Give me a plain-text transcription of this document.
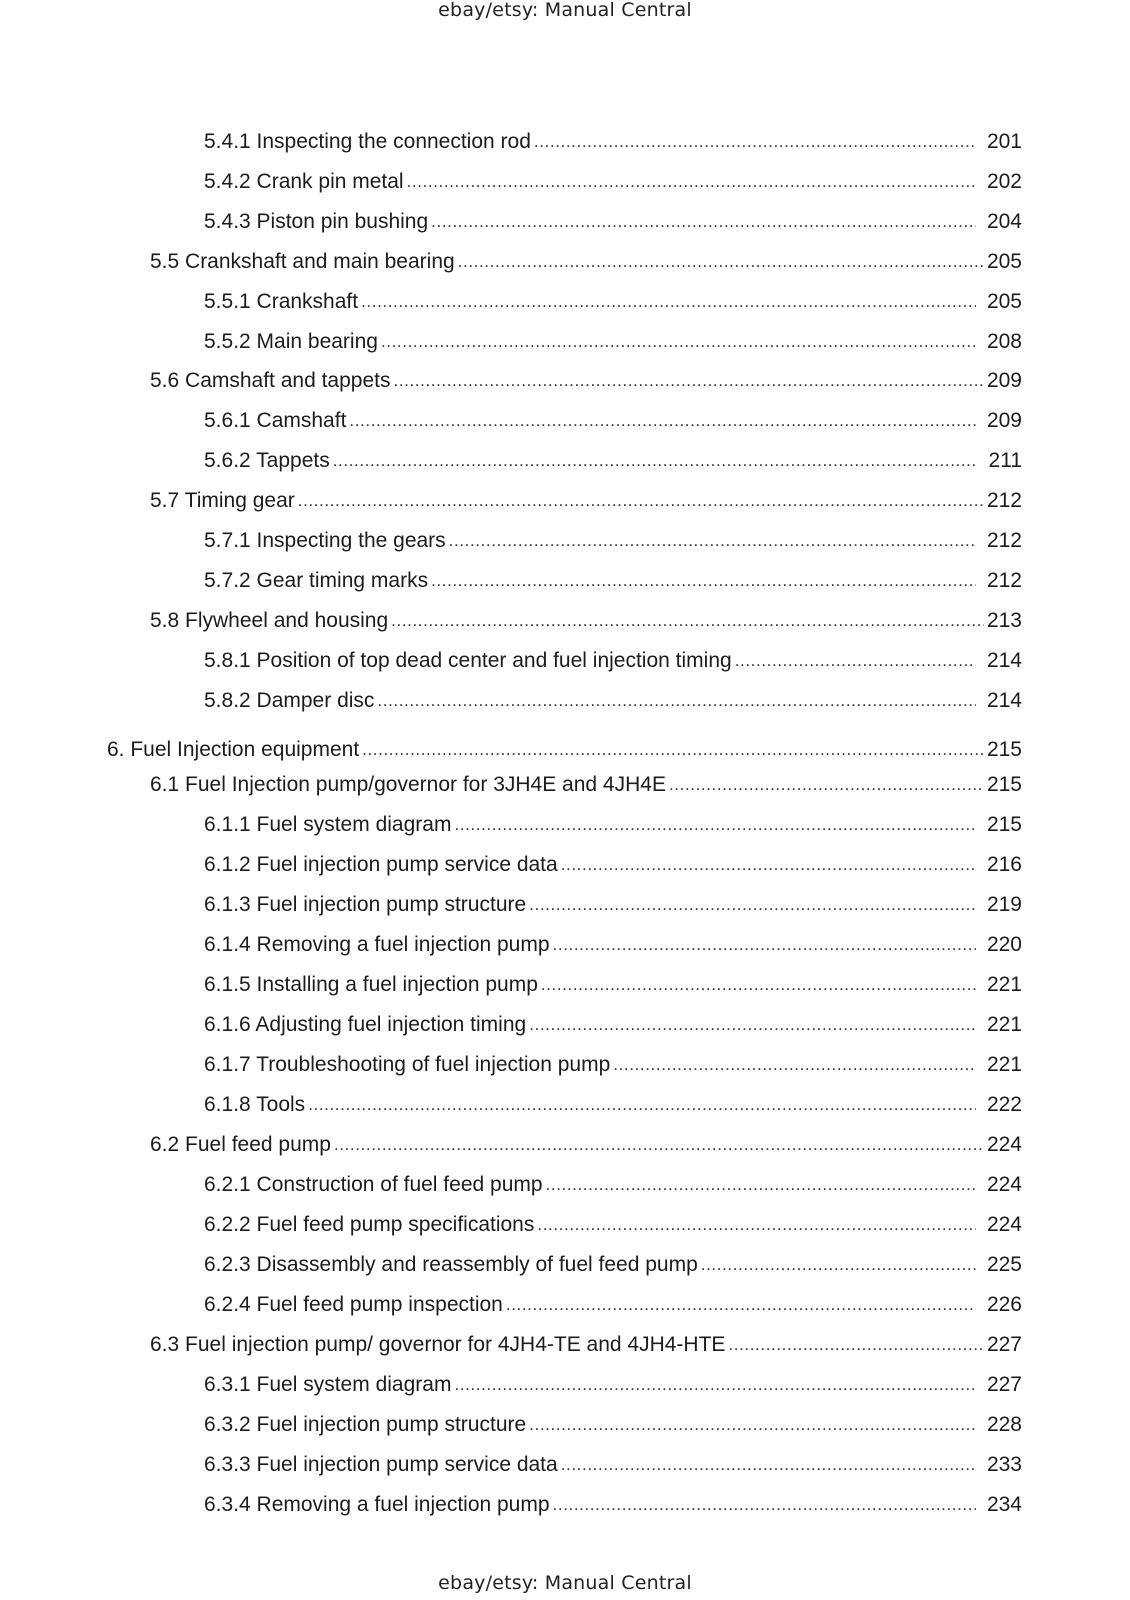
ebay/etsy: Manual Central
5.4.1 Inspecting the connection rod .....	201
5.4.2 Crank pin metal .....	202
5.4.3 Piston pin bushing .....	204
5.5 Crankshaft and main bearing .....	205
5.5.1 Crankshaft .....	205
5.5.2 Main bearing .....	208
5.6 Camshaft and tappets .....	209
5.6.1 Camshaft .....	209
5.6.2 Tappets .....	211
5.7 Timing gear .....	212
5.7.1 Inspecting the gears .....	212
5.7.2 Gear timing marks .....	212
5.8 Flywheel and housing .....	213
5.8.1 Position of top dead center and fuel injection timing .....	214
5.8.2 Damper disc .....	214
6. Fuel Injection equipment .....	215
6.1 Fuel Injection pump/governor for 3JH4E and 4JH4E .....	215
6.1.1 Fuel system diagram .....	215
6.1.2 Fuel injection pump service data .....	216
6.1.3 Fuel injection pump structure .....	219
6.1.4 Removing a fuel injection pump .....	220
6.1.5 Installing a fuel injection pump .....	221
6.1.6 Adjusting fuel injection timing .....	221
6.1.7 Troubleshooting of fuel injection pump .....	221
6.1.8 Tools .....	222
6.2 Fuel feed pump .....	224
6.2.1 Construction of fuel feed pump .....	224
6.2.2 Fuel feed pump specifications .....	224
6.2.3 Disassembly and reassembly of fuel feed pump .....	225
6.2.4 Fuel feed pump inspection .....	226
6.3 Fuel injection pump/ governor for 4JH4-TE and 4JH4-HTE .....	227
6.3.1 Fuel system diagram .....	227
6.3.2 Fuel injection pump structure .....	228
6.3.3 Fuel injection pump service data .....	233
6.3.4 Removing a fuel injection pump .....	234
ebay/etsy: Manual Central
